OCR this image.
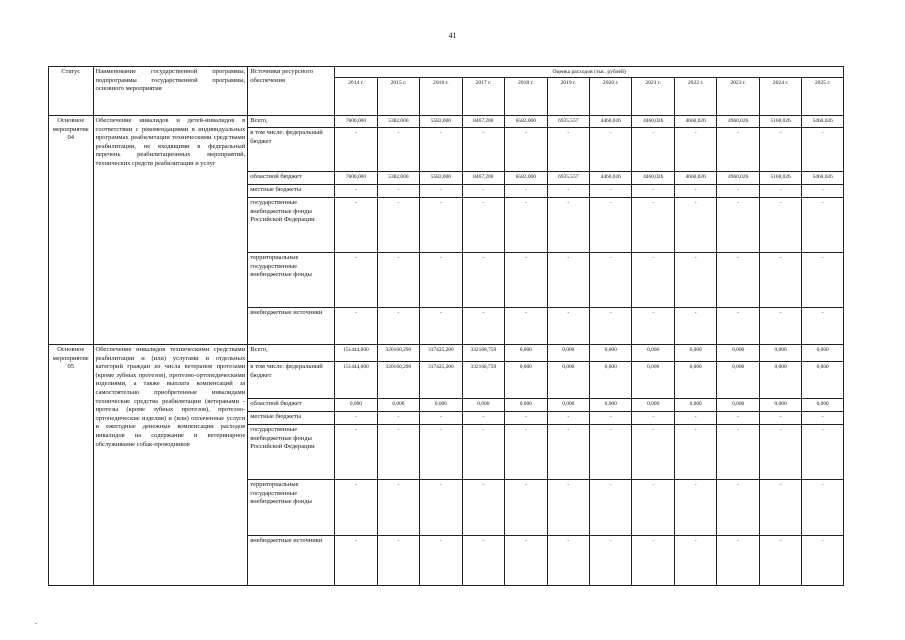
41
Статус	Наименование государственной программы, подпрограммы государственной программы, основного мероприятия	Источники ресурсного обеспечения	Оценка расходов (тыс. рублей)											
			2014 г.	2015 г.	2016 г.	2017 г.	2018 г.	2019 г.	2020 г.	2021 г.	2022 г.	2023 г.	2024 г.	2025 г.
Основное мероприятие 04	Обеспечение инвалидов и детей-инвалидов в соответствии с рекомендациями в индивидуальных программах реабилитации техническими средствами реабилитации, не входящими в федеральный перечень реабилитационных мероприятий, технических средств реабилитации и услуг	Всего,	7600,000	5382,000	5582,000	8467,200	6582,000	6935,557	4460,026	4460,026	4660,026	4960,026	5160,026	5460,026
		в том числе: федеральный бюджет	-	-	-	-	-	-	-	-	-	-	-	-
		областной бюджет	7600,000	5382,000	5582,000	8467,200	6582,000	6935,557	4460,026	4460,026	4660,026	4960,026	5160,026	5460,026
		местные бюджеты	-	-	-	-	-	-	-	-	-	-	-	-
		государственные внебюджетные фонды Российской Федерации	-	-	-	-	-	-	-	-	-	-	-	-
		территориальные государственные внебюджетные фонды	-	-	-	-	-	-	-	-	-	-	-	-
		внебюджетные источники	-	-	-	-	-	-	-	-	-	-	-	-
Основное мероприятие 05	Обеспечение инвалидов техническими средствами реабилитации и (или) услугами и отдельных категорий граждан из числа ветеранов протезами (кроме зубных протезов), протезно-ортопедическими изделиями, а также выплата компенсаций за самостоятельно приобретенные инвалидами технические средства реабилитации (ветеранами - протезы (кроме зубных протезов), протезно-ортопедические изделия) и (или) оплаченные услуги и ежегодные денежные компенсации расходов инвалидов на содержание и ветеринарное обслуживание собак-проводников	Всего,	151444,000	320160,290	317425,200	332168,759	0,000	0,000	0,000	0,000	0,000	0,000	0,000	0,000
		в том числе: федеральный бюджет	151444,000	320160,290	317425,200	332168,759	0,000	0,000	0,000	0,000	0,000	0,000	0,000	0,000
		областной бюджет	0,000	0,000	0,000	0,000	0,000	0,000	0,000	0,000	0,000	0,000	0,000	0,000
		местные бюджеты	-	-	-	-	-	-	-	-	-	-	-	-
		государственные внебюджетные фонды Российской Федерации	-	-	-	-	-	-	-	-	-	-	-	-
		территориальные государственные внебюджетные фонды	-	-	-	-	-	-	-	-	-	-	-	-
		внебюджетные источники	-	-	-	-	-	-	-	-	-	-	-	-
.
